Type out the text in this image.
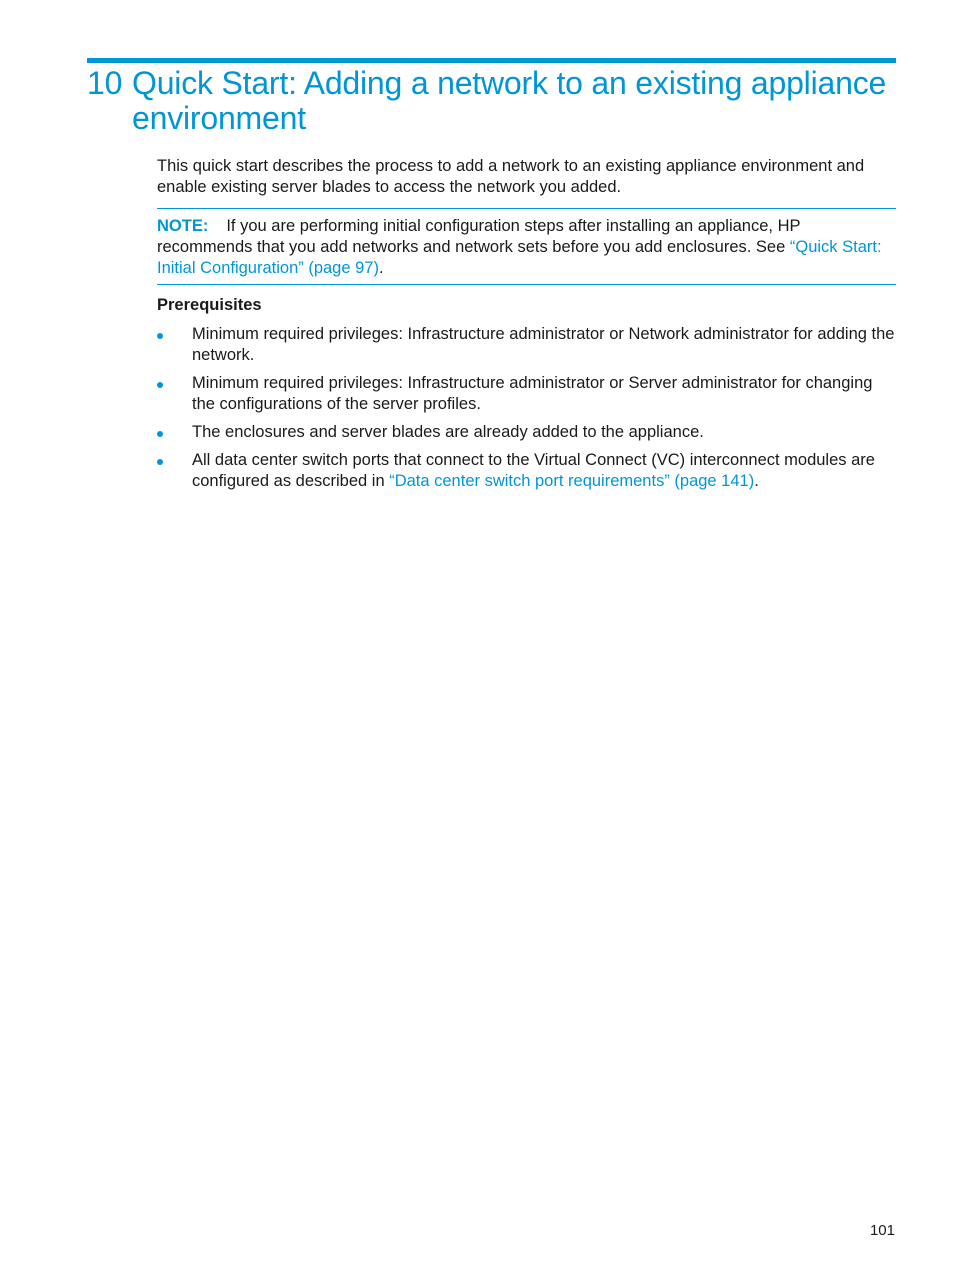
10 Quick Start: Adding a network to an existing appliance
environment

This quick start describes the process to add a network to an existing appliance environment and enable existing server blades to access the network you added.

NOTE: If you are performing initial configuration steps after installing an appliance, HP recommends that you add networks and network sets before you add enclosures. See “Quick Start: Initial Configuration” (page 97).
Prerequisites
Minimum required privileges: Infrastructure administrator or Network administrator for adding the network.
Minimum required privileges: Infrastructure administrator or Server administrator for changing the configurations of the server profiles.
The enclosures and server blades are already added to the appliance.
All data center switch ports that connect to the Virtual Connect (VC) interconnect modules are configured as described in “Data center switch port requirements” (page 141).
101
